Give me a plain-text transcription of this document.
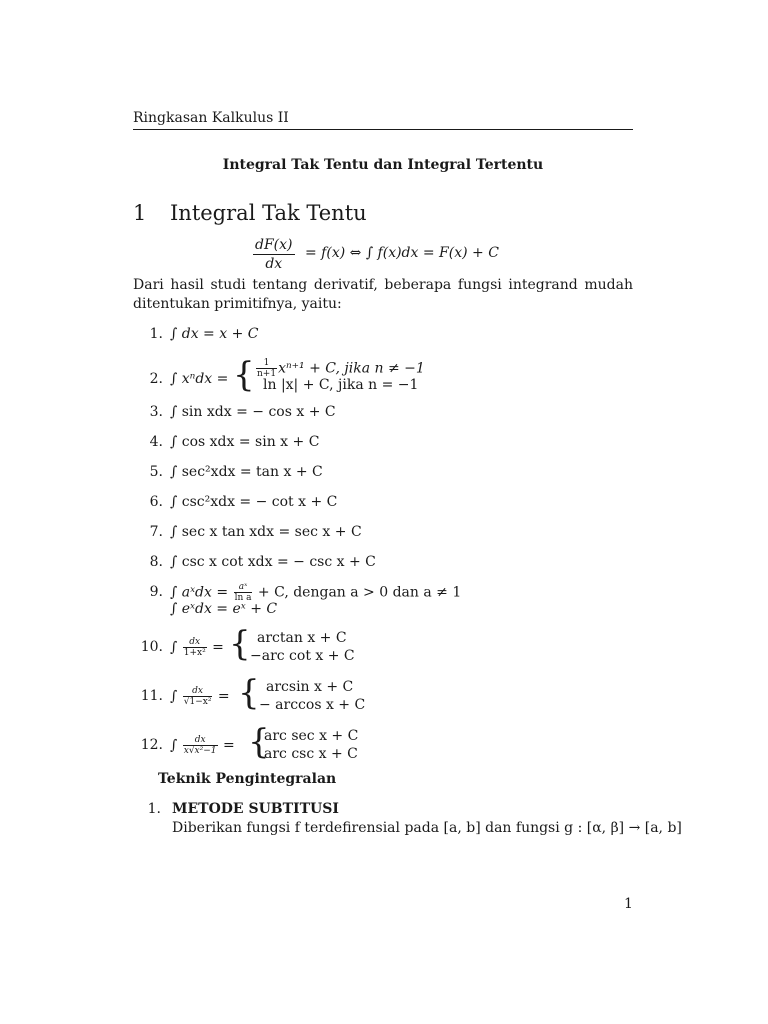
Ringkasan Kalkulus II
Integral Tak Tentu dan Integral Tertentu
1 Integral Tak Tentu
$\frac{dF(x)}{dx} = f(x)$ ⇔ ∫ f(x)dx = F(x) + C
Dari hasil studi tentang derivatif, beberapa fungsi integrand mudah ditentukan primitifnya, yaitu:
1. ∫ dx = x + C
2. ∫ xⁿdx = { $\frac{1}{n+1} x^{n+1} + C$, jika n ≠ −1
ln |x| + C, jika n = −1
3. ∫ sin xdx = − cos x + C
4. ∫ cos xdx = sin x + C
5. ∫ sec²xdx = tan x + C
6. ∫ csc²xdx = − cot x + C
7. ∫ sec x tan xdx = sec x + C
8. ∫ csc x cot xdx = − csc x + C
9. ∫ aˣdx = $\frac{\text{aˣ}}{\text{ln a}} + C$, dengan a > 0 dan a ≠ 1
∫ eˣdx = eˣ + C
10. ∫ $\frac{dx}{\text{1+x²}}$ = { arctan x + C
−arc cot x + C
11. ∫ $\frac{dx}{\text{√1−x²}}$ = { arcsin x + C
− arccos x + C
12. ∫ $\frac{dx}{\text{x√x²−1}}$ = {
arc sec x + C
arc csc x + C
Teknik Pengintegralan
1. METODE SUBTITUSI
Diberikan fungsi f terdefirensial pada [a, b] dan fungsi g : [α, β] → [a, b]
1
